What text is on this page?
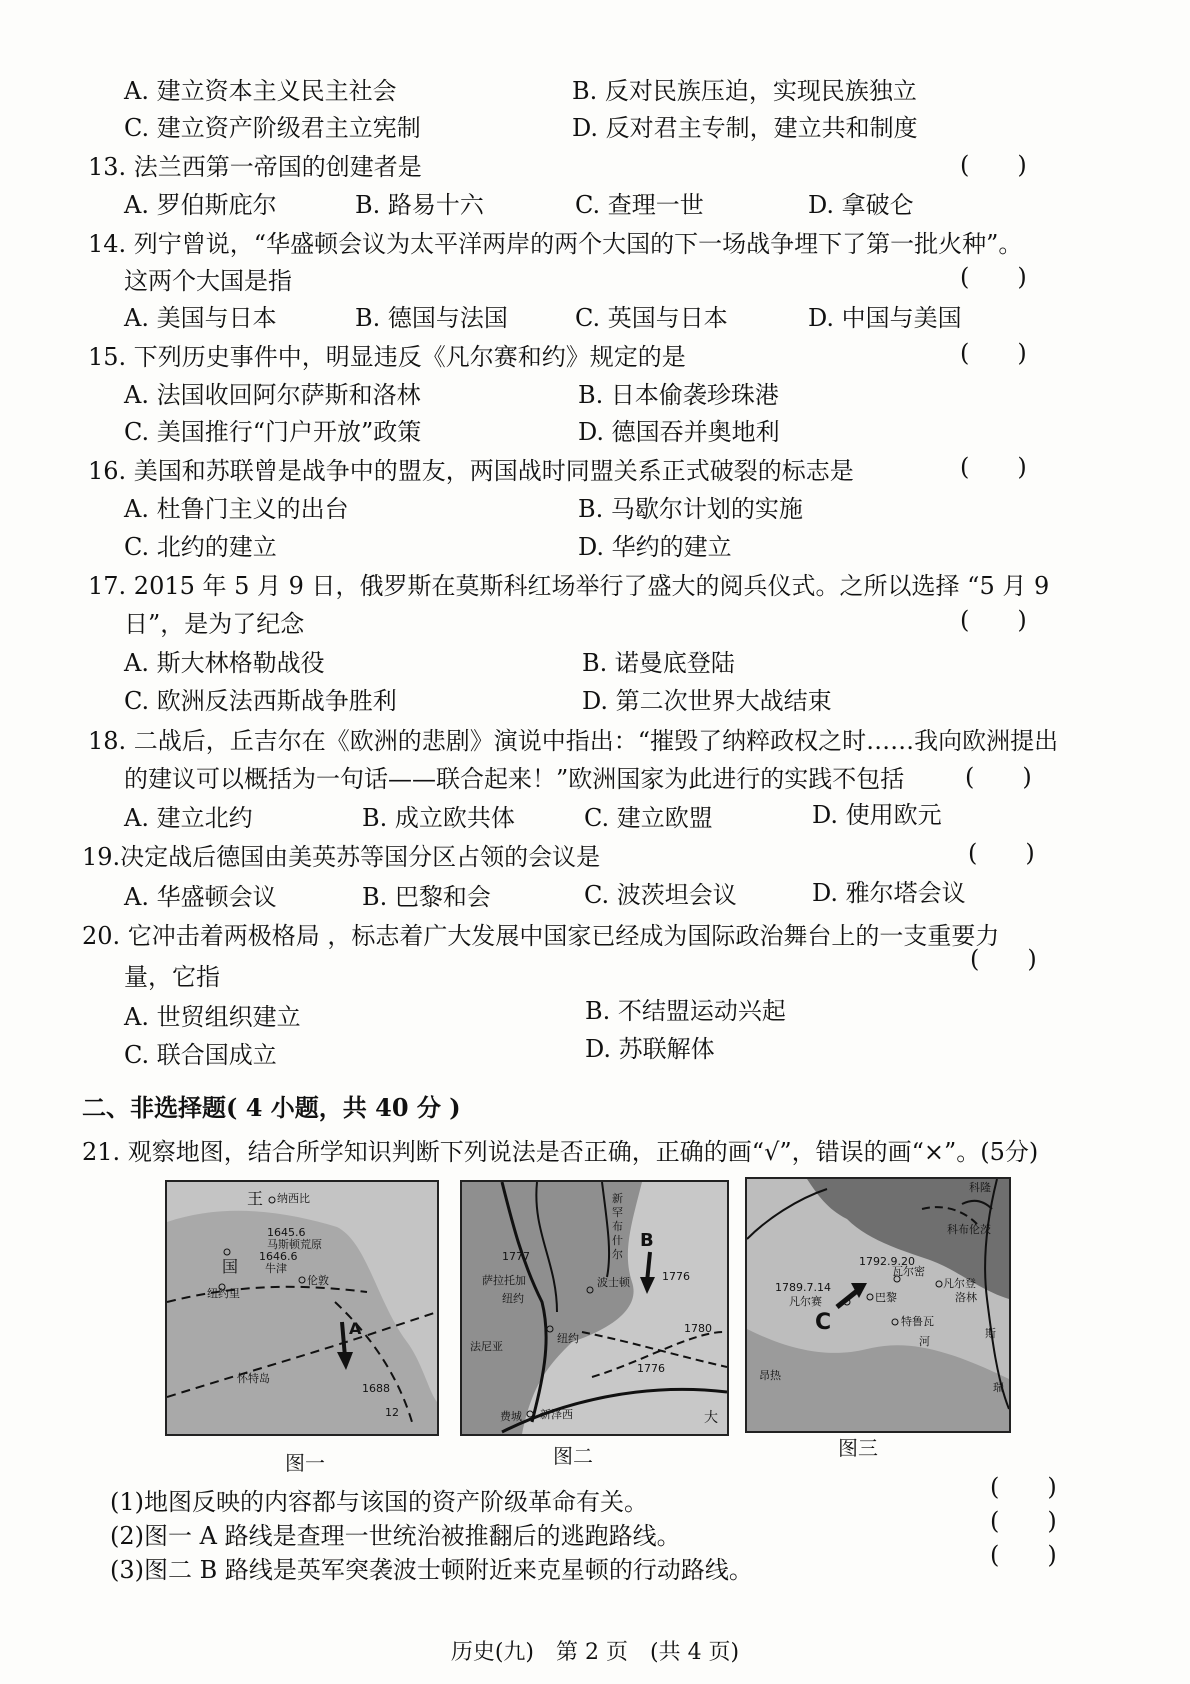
A. 建立资本主义民主社会	B. 反对民族压迫，实现民族独立
C. 建立资产阶级君主立宪制	D. 反对君主专制，建立共和制度
13. 法兰西第一帝国的创建者是	(　　)
A. 罗伯斯庇尔	B. 路易十六	C. 查理一世	D. 拿破仑
14. 列宁曾说，“华盛顿会议为太平洋两岸的两个大国的下一场战争埋下了第一批火种”。
这两个大国是指	(　　)
A. 美国与日本	B. 德国与法国	C. 英国与日本	D. 中国与美国
15. 下列历史事件中，明显违反《凡尔赛和约》规定的是	(　　)
A. 法国收回阿尔萨斯和洛林	B. 日本偷袭珍珠港
C. 美国推行“门户开放”政策	D. 德国吞并奥地利
16. 美国和苏联曾是战争中的盟友，两国战时同盟关系正式破裂的标志是	(　　)
A. 杜鲁门主义的出台	B. 马歇尔计划的实施
C. 北约的建立	D. 华约的建立
17. 2015 年 5 月 9 日，俄罗斯在莫斯科红场举行了盛大的阅兵仪式。之所以选择 “5 月 9
日”，是为了纪念	(　　)
A. 斯大林格勒战役	B. 诺曼底登陆
C. 欧洲反法西斯战争胜利	D. 第二次世界大战结束
18. 二战后，丘吉尔在《欧洲的悲剧》演说中指出：“摧毁了纳粹政权之时……我向欧洲提出
的建议可以概括为一句话——联合起来！”欧洲国家为此进行的实践不包括	(　　)
A. 建立北约	B. 成立欧共体	C. 建立欧盟	D. 使用欧元
19.决定战后德国由美英苏等国分区占领的会议是	(　　)
A. 华盛顿会议	B. 巴黎和会	C. 波茨坦会议	D. 雅尔塔会议
20. 它冲击着两极格局 ，标志着广大发展中国家已经成为国际政治舞台上的一支重要力
(　　)
量，它指
A. 世贸组织建立	B. 不结盟运动兴起
C. 联合国成立	D. 苏联解体
二、非选择题( 4 小题，共 40 分 )
21. 观察地图，结合所学知识判断下列说法是否正确，正确的画“√”，错误的画“×”。(5分)
王 纳西比
1645.6
马斯顿荒原
1646.6
牛津
国
伦敦
纽约里
A
怀特岛
1688
12
图一
新
罕
布
什
尔
B
1777
萨拉托加
纽约
波士顿	1776
1780
法尼亚
纽约
1776
费城 新泽西	大
图二
科隆
科布伦茨
1792.9.20
瓦尔密
凡尔登
洛林
1789.7.14
凡尔赛	巴黎
C	特鲁瓦
昂热
斯
瑞
河
图三
(1)地图反映的内容都与该国的资产阶级革命有关。
(　　)
(2)图一 A 路线是查理一世统治被推翻后的逃跑路线。
(　　)
(3)图二 B 路线是英军突袭波士顿附近来克星顿的行动路线。
(　　)
历史(九)　第 2 页　(共 4 页)
